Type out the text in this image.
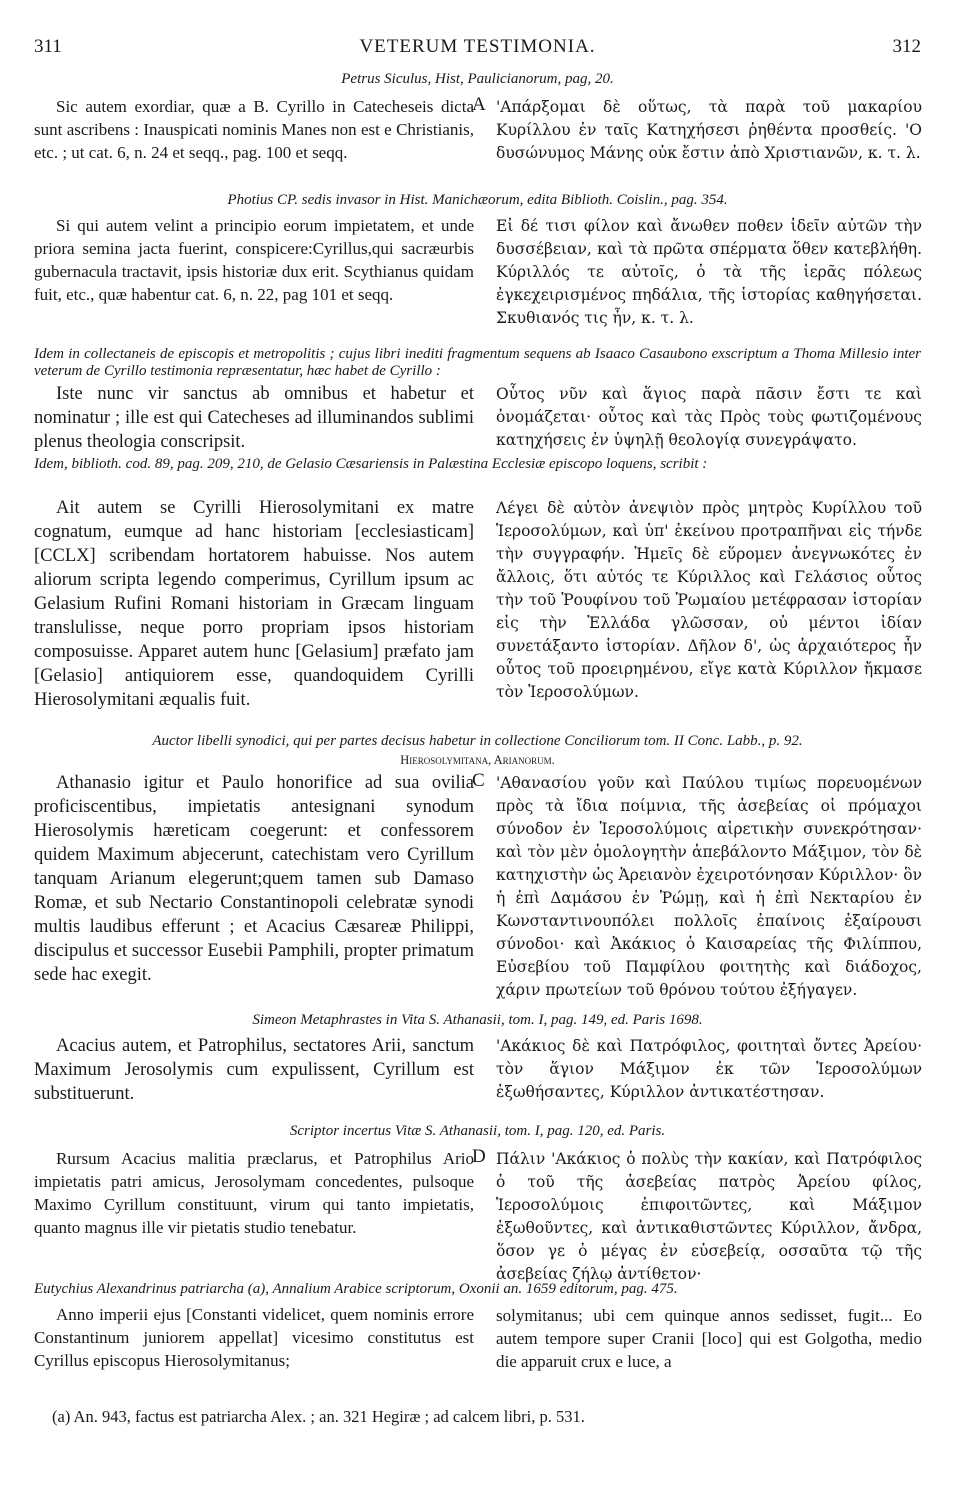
311	VETERUM TESTIMONIA.	312
Petrus Siculus, Hist, Paulicianorum, pag, 20.
A
Sic autem exordiar, quæ a B. Cyrillo in Catecheseis dicta sunt ascribens : Inauspicati nominis Manes non est e Christianis, etc. ; ut cat. 6, n. 24 et seqq., pag. 100 et seqq.
'Απάρξομαι δὲ οὕτως, τὰ παρὰ τοῦ μακαρίου Κυρίλλου ἐν ταῖς Κατηχήσεσι ῥηθέντα προσθείς. 'Ο δυσώνυμος Μάνης οὐκ ἔστιν ἀπὸ Χριστιανῶν, κ. τ. λ.
Photius CP. sedis invasor in Hist. Manichæorum, edita Biblioth. Coislin., pag. 354.
Si qui autem velint a principio eorum impietatem, et unde priora semina jacta fuerint, conspicere:Cyrillus,qui sacræurbis gubernacula tractavit, ipsis historiæ dux erit. Scythianus quidam fuit, etc., quæ habentur cat. 6, n. 22, pag 101 et seqq.
Εἰ δέ τισι φίλον καὶ ἄνωθεν ποθεν ἰδεῖν αὐτῶν τὴν δυσσέβειαν, καὶ τὰ πρῶτα σπέρματα ὅθεν κατεβλήθη. Κύριλλός τε αὐτοῖς, ὁ τὰ τῆς ἱερᾶς πόλεως ἐγκεχειρισμένος πηδάλια, τῆς ἱστορίας καθηγήσεται. Σκυθιανός τις ἦν, κ. τ. λ.
Idem in collectaneis de episcopis et metropolitis ; cujus libri inediti fragmentum sequens ab Isaaco Casaubono exscriptum a Thoma Millesio inter veterum de Cyrillo testimonia repræsentatur, hæc habet de Cyrillo :
Iste nunc vir sanctus ab omnibus et habetur et nominatur ; ille est qui Catecheses ad illuminandos sublimi plenus theologia conscripsit.
Οὗτος νῦν καὶ ἅγιος παρὰ πᾶσιν ἔστι τε καὶ ὀνομάζεται· οὗτος καὶ τὰς Πρὸς τοὺς φωτιζομένους κατηχήσεις ἐν ὑψηλῇ θεολογίᾳ συνεγράψατο.
Idem, biblioth. cod. 89, pag. 209, 210, de Gelasio Cæsariensis in Palæstina Ecclesiæ episcopo loquens, scribit :
Ait autem se Cyrilli Hierosolymitani ex matre cognatum, eumque ad hanc historiam [ecclesiasticam] [CCLX] scribendam hortatorem habuisse. Nos autem aliorum scripta legendo comperimus, Cyrillum ipsum ac Gelasium Rufini Romani historiam in Græcam linguam translulisse, neque porro propriam ipsos historiam composuisse. Apparet autem hunc [Gelasium] præfato jam [Gelasio] antiquiorem esse, quandoquidem Cyrilli Hierosolymitani æqualis fuit.
Λέγει δὲ αὐτὸν ἀνεψιὸν πρὸς μητρὸς Κυρίλλου τοῦ Ἱεροσολύμων, καὶ ὑπ' ἐκείνου προτραπῆναι εἰς τήνδε τὴν συγγραφήν. Ἡμεῖς δὲ εὕρομεν ἀνεγνωκότες ἐν ἄλλοις, ὅτι αὐτός τε Κύριλλος καὶ Γελάσιος οὗτος τὴν τοῦ Ῥουφίνου τοῦ Ῥωμαίου μετέφρασαν ἱστορίαν εἰς τὴν Ἑλλάδα γλῶσσαν, οὐ μέντοι ἰδίαν συνετάξαντο ἱστορίαν. Δῆλον δ', ὡς ἀρχαιότερος ἦν οὗτος τοῦ προειρημένου, εἴγε κατὰ Κύριλλον ἤκμασε τὸν Ἱεροσολύμων.
Auctor libelli synodici, qui per partes decisus habetur in collectione Conciliorum tom. II Conc. Labb., p. 92.
Hierosolymitana, Arianorum.
C
Athanasio igitur et Paulo honorifice ad sua ovilia proficiscentibus, impietatis antesignani synodum Hierosolymis hæreticam coegerunt: et confessorem quidem Maximum abjecerunt, catechistam vero Cyrillum tanquam Arianum elegerunt;quem tamen sub Damaso Romæ, et sub Nectario Constantinopoli celebratæ synodi multis laudibus efferunt ; et Acacius Cæsareæ Philippi, discipulus et successor Eusebii Pamphili, propter primatum sede hac exegit.
'Αθανασίου γοῦν καὶ Παύλου τιμίως πορευομένων πρὸς τὰ ἴδια ποίμνια, τῆς ἀσεβείας οἱ πρόμαχοι σύνοδον ἐν Ἱεροσολύμοις αἱρετικὴν συνεκρότησαν· καὶ τὸν μὲν ὁμολογητὴν ἀπεβάλοντο Μάξιμον, τὸν δὲ κατηχιστὴν ὡς Ἀρειανὸν ἐχειροτόνησαν Κύριλλον· ὃν ἡ ἐπὶ Δαμάσου ἐν Ῥώμῃ, καὶ ἡ ἐπὶ Νεκταρίου ἐν Κωνσταντινουπόλει πολλοῖς ἐπαίνοις ἐξαίρουσι σύνοδοι· καὶ Ἀκάκιος ὁ Καισαρείας τῆς Φιλίππου, Εὐσεβίου τοῦ Παμφίλου φοιτητὴς καὶ διάδοχος, χάριν πρωτείων τοῦ θρόνου τούτου ἐξήγαγεν.
Simeon Metaphrastes in Vita S. Athanasii, tom. I, pag. 149, ed. Paris 1698.
Acacius autem, et Patrophilus, sectatores Arii, sanctum Maximum Jerosolymis cum expulissent, Cyrillum est substituerunt.
'Ακάκιος δὲ καὶ Πατρόφιλος, φοιτηταὶ ὄντες Ἀρείου· τὸν ἅγιον Μάξιμον ἐκ τῶν Ἱεροσολύμων ἐξωθήσαντες, Κύριλλον ἀντικατέστησαν.
Scriptor incertus Vitæ S. Athanasii, tom. I, pag. 120, ed. Paris.
D
Rursum Acacius malitia præclarus, et Patrophilus Ario impietatis patri amicus, Jerosolymam concedentes, pulsoque Maximo Cyrillum constituunt, virum qui tanto impietatis, quanto magnus ille vir pietatis studio tenebatur.
Πάλιν 'Ακάκιος ὁ πολὺς τὴν κακίαν, καὶ Πατρόφιλος ὁ τοῦ τῆς ἀσεβείας πατρὸς Ἀρείου φίλος, Ἱεροσολύμοις ἐπιφοιτῶντες, καὶ Μάξιμον ἐξωθοῦντες, καὶ ἀντικαθιστῶντες Κύριλλον, ἄνδρα, ὅσον γε ὁ μέγας ἐν εὐσεβείᾳ, οσσαῦτα τῷ τῆς ἀσεβείας ζήλῳ ἀντίθετον·
Eutychius Alexandrinus patriarcha (a), Annalium Arabice scriptorum, Oxonii an. 1659 editorum, pag. 475.
Anno imperii ejus [Constanti videlicet, quem nominis errore Constantinum juniorem appellat] vicesimo constitutus est Cyrillus episcopus Hierosolymitanus;
solymitanus; ubi cem quinque annos sedisset, fugit... Eo autem tempore super Cranii [loco] qui est Golgotha, medio die apparuit crux e luce, a
(a) An. 943, factus est patriarcha Alex. ; an. 321 Hegiræ ; ad calcem libri, p. 531.
